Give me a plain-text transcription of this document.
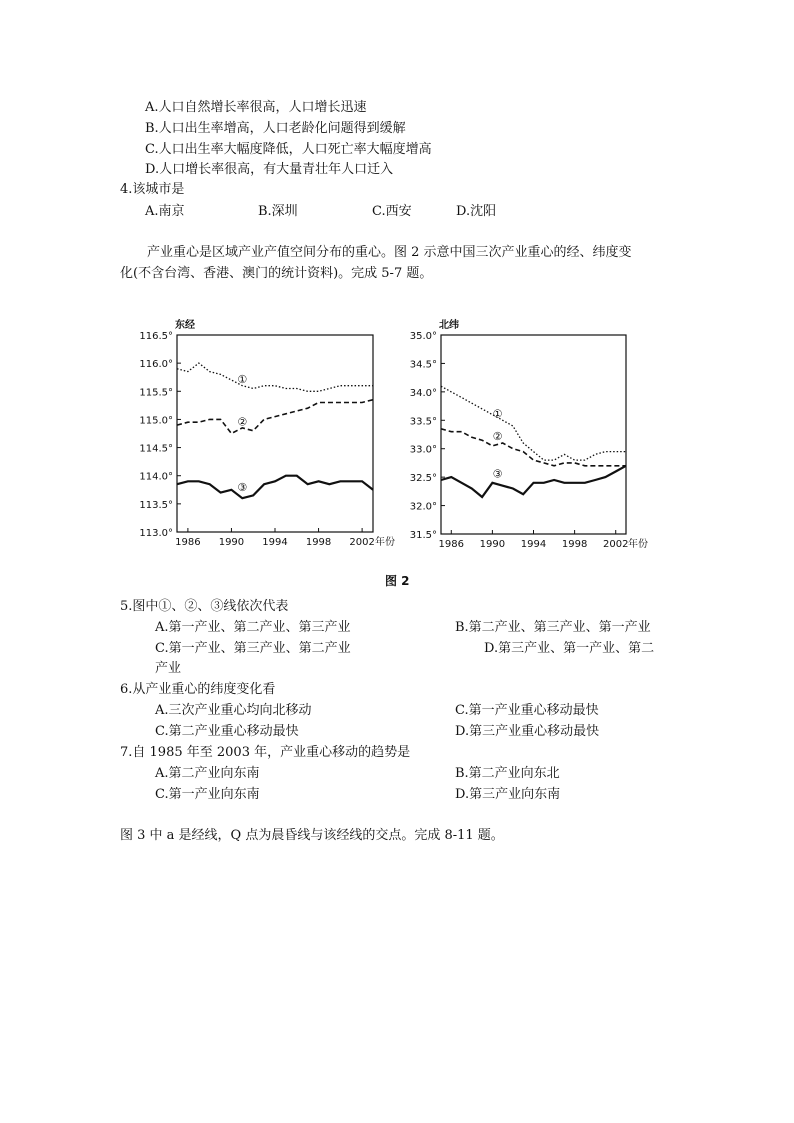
A.人口自然增长率很高，人口增长迅速
B.人口出生率增高，人口老龄化问题得到缓解
C.人口出生率大幅度降低，人口死亡率大幅度增高
D.人口增长率很高，有大量青壮年人口迁入
4.该城市是
A.南京	B.深圳	C.西安	D.沈阳
产业重心是区域产业产值空间分布的重心。图 2 示意中国三次产业重心的经、纬度变
化(不含台湾、香港、澳门的统计资料)。完成 5-7 题。
东经
116.5°
116.0°
115.5°
115.0°
114.5°
114.0°
113.5°
113.0°
1986 1990 1994 1998 2002 年份
①
②
③
北纬
35.0°
34.5°
34.0°
33.5°
33.0°
32.5°
32.0°
31.5°
1986 1990 1994 1998 2002 年份
①
②
③
图 2
5.图中①、②、③线依次代表
A.第一产业、第二产业、第三产业	B.第二产业、第三产业、第一产业
C.第一产业、第三产业、第二产业	D.第三产业、第一产业、第二
产业
6.从产业重心的纬度变化看
A.三次产业重心均向北移动	C.第一产业重心移动最快
C.第二产业重心移动最快	D.第三产业重心移动最快
7.自 1985 年至 2003 年，产业重心移动的趋势是
A.第二产业向东南	B.第二产业向东北
C.第一产业向东南	D.第三产业向东南
图 3 中 a 是经线，Q 点为晨昏线与该经线的交点。完成 8-11 题。
